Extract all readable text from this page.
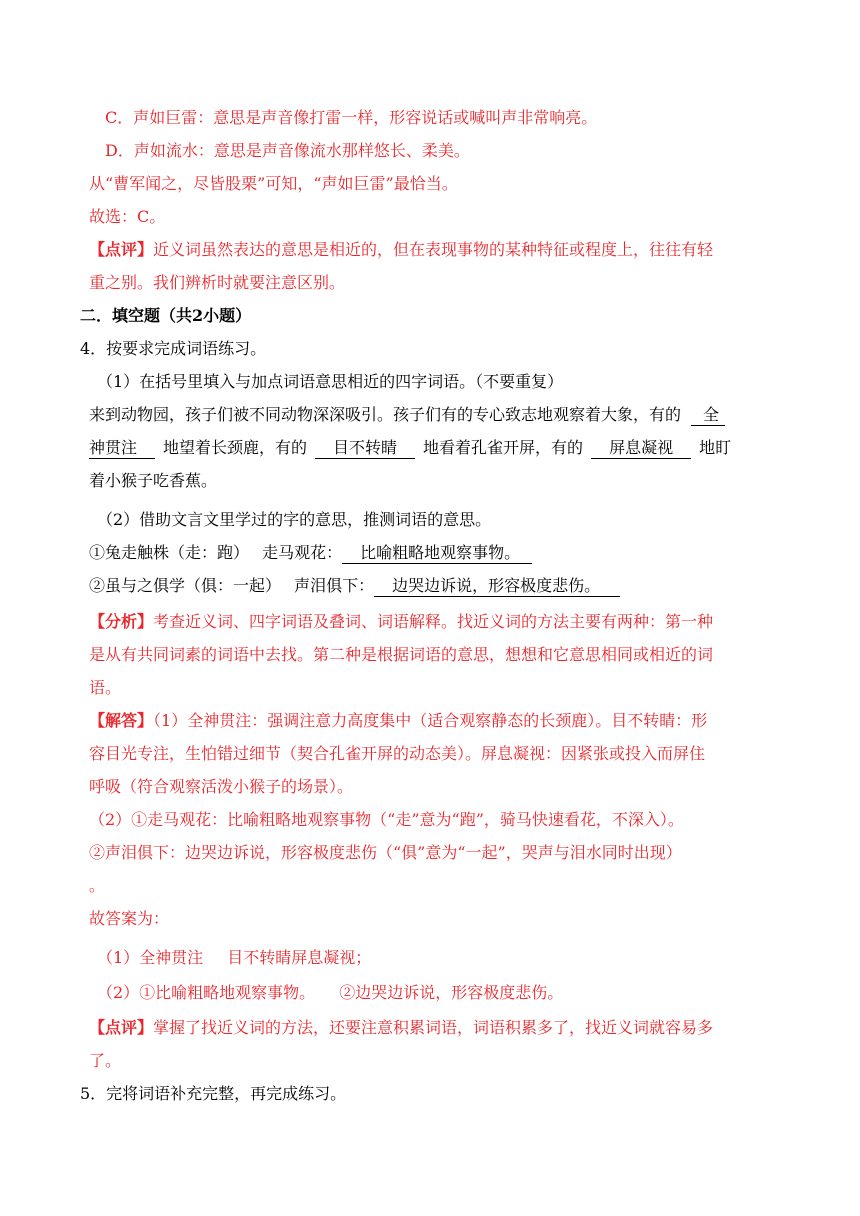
C．声如巨雷：意思是声音像打雷一样，形容说话或喊叫声非常响亮。
D．声如流水：意思是声音像流水那样悠长、柔美。
从“曹军闻之，尽皆股栗”可知，“声如巨雷”最恰当。
故选：C。
【点评】近义词虽然表达的意思是相近的，但在表现事物的某种特征或程度上，往往有轻
重之别。我们辨析时就要注意区别。
二．填空题（共2小题）
4．按要求完成词语练习。
（1）在括号里填入与加点词语意思相近的四字词语。（不要重复）
来到动物园，孩子们被不同动物深深吸引。孩子们有的专心致志地观察着大象，有的 全
神贯注 地望着长颈鹿，有的 目不转睛 地看着孔雀开屏，有的 屏息凝视 地盯
着小猴子吃香蕉。
（2）借助文言文里学过的字的意思，推测词语的意思。
①兔走触株（走：跑）　 走马观花： 比喻粗略地观察事物。
②虽与之俱学（俱：一起）　 声泪俱下： 边哭边诉说，形容极度悲伤。
【分析】考查近义词、四字词语及叠词、词语解释。找近义词的方法主要有两种：第一种
是从有共同词素的词语中去找。第二种是根据词语的意思，想想和它意思相同或相近的词
语。
【解答】（1）全神贯注：强调注意力高度集中（适合观察静态的长颈鹿）。目不转睛：形
容目光专注，生怕错过细节（契合孔雀开屏的动态美）。屏息凝视：因紧张或投入而屏住
呼吸（符合观察活泼小猴子的场景）。
（2）①走马观花：比喻粗略地观察事物（“走”意为“跑”，骑马快速看花，不深入）。
②声泪俱下：边哭边诉说，形容极度悲伤（“俱”意为“一起”，哭声与泪水同时出现）
。
故答案为：
（1）全神贯注 目不转睛屏息凝视；
（2）①比喻粗略地观察事物。 ②边哭边诉说，形容极度悲伤。
【点评】掌握了找近义词的方法，还要注意积累词语，词语积累多了，找近义词就容易多
了。
5．完将词语补充完整，再完成练习。
